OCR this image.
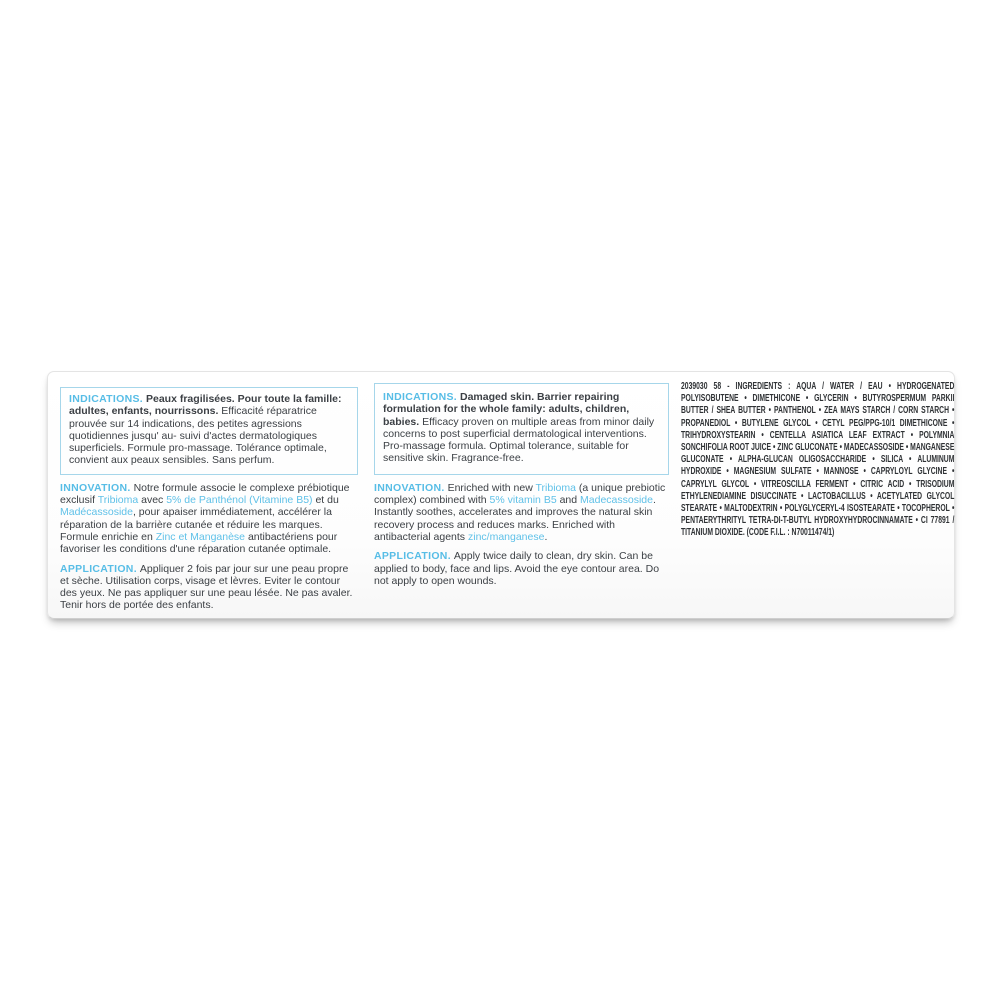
INDICATIONS. Peaux fragilisées. Pour toute la famille: adultes, enfants, nourrissons. Efficacité réparatrice prouvée sur 14 indications, des petites agressions quotidiennes jusqu' au- suivi d'actes dermatologiques superficiels. Formule pro-massage. Tolérance optimale, convient aux peaux sensibles. Sans perfum.

INNOVATION. Notre formule associe le complexe prébiotique exclusif Tribioma avec 5% de Panthénol (Vitamine B5) et du Madécassoside, pour apaiser immédiatement, accélérer la réparation de la barrière cutanée et réduire les marques. Formule enrichie en Zinc et Manganèse antibactériens pour favoriser les conditions d'une réparation cutanée optimale.

APPLICATION. Appliquer 2 fois par jour sur une peau propre et sèche. Utilisation corps, visage et lèvres. Eviter le contour des yeux. Ne pas appliquer sur une peau lésée. Ne pas avaler. Tenir hors de portée des enfants.

INDICATIONS. Damaged skin. Barrier repairing formulation for the whole family: adults, children, babies. Efficacy proven on multiple areas from minor daily concerns to post superficial dermatological interventions. Pro-massage formula. Optimal tolerance, suitable for sensitive skin. Fragrance-free.

INNOVATION. Enriched with new Tribioma (a unique prebiotic complex) combined with 5% vitamin B5 and Madecassoside. Instantly soothes, accelerates and improves the natural skin recovery process and reduces marks. Enriched with antibacterial agents zinc/manganese.

APPLICATION. Apply twice daily to clean, dry skin. Can be applied to body, face and lips. Avoid the eye contour area. Do not apply to open wounds.

2039030 58 - INGREDIENTS : AQUA / WATER / EAU • HYDROGENATED POLYISOBUTENE • DIMETHICONE • GLYCERIN • BUTYROSPERMUM PARKII BUTTER / SHEA BUTTER • PANTHENOL • ZEA MAYS STARCH / CORN STARCH • PROPANEDIOL • BUTYLENE GLYCOL • CETYL PEG/PPG-10/1 DIMETHICONE • TRIHYDROXYSTEARIN • CENTELLA ASIATICA LEAF EXTRACT • POLYMNIA SONCHIFOLIA ROOT JUICE • ZINC GLUCONATE • MADECASSOSIDE • MANGANESE GLUCONATE • ALPHA-GLUCAN OLIGOSACCHARIDE • SILICA • ALUMINUM HYDROXIDE • MAGNESIUM SULFATE • MANNOSE • CAPRYLOYL GLYCINE • CAPRYLYL GLYCOL • VITREOSCILLA FERMENT • CITRIC ACID • TRISODIUM ETHYLENEDIAMINE DISUCCINATE • LACTOBACILLUS • ACETYLATED GLYCOL STEARATE • MALTODEXTRIN • POLYGLYCERYL-4 ISOSTEARATE • TOCOPHEROL • PENTAERYTHRITYL TETRA-DI-T-BUTYL HYDROXYHYDROCINNAMATE • CI 77891 / TITANIUM DIOXIDE. (CODE F.I.L. : N70011474/1)
